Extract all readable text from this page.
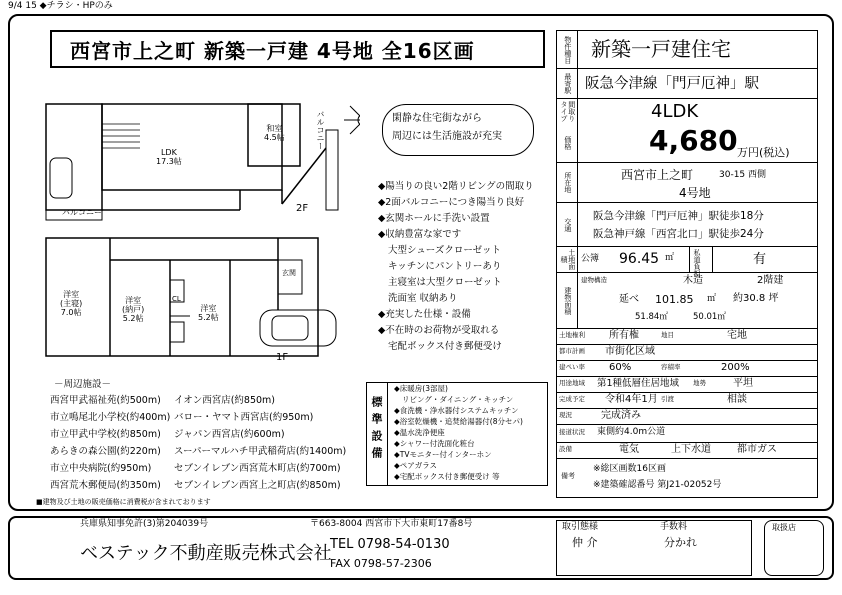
9/4 15 ◆チラシ・HPのみ
西宮市上之町 新築一戸建 4号地 全16区画
LDK
17.3帖
和室
4.5帖	バルコニー
バルコニー	2F
1F
洋室
(主寝)
7.0帖
洋室
(納戸)
5.2帖
洋室
5.2帖
CL
玄関
閑静な住宅街ながら
周辺には生活施設が充実
◆陽当りの良い2階リビングの間取り
◆2面バルコニーにつき陽当り良好
◆玄関ホールに手洗い設置
◆収納豊富な家です
大型シューズクローゼット
キッチンにパントリーあり
主寝室は大型クローゼット
洗面室 収納あり
◆充実した仕様・設備
◆不在時のお荷物が受取れる
宅配ボックス付き郵便受け
－周辺施設－
西宮甲武福祉苑(約500m)
市立鳴尾北小学校(約400m)
市立甲武中学校(約850m)
あらきの森公園(約220m)
市立中央病院(約950m)
西宮荒木郵便局(約350m)
イオン西宮店(約850m)
バロー・ヤマト西宮店(約950m)
ジャパン西宮店(約600m)
スーパーマルハチ甲武稲荷店(約1400m)
セブンイレブン西宮荒木町店(約700m)
セブンイレブン西宮上之町店(約850m)
標準設備
◆床暖房(3部屋)
リビング・ダイニング・キッチン
◆食洗機・浄水器付システムキッチン
◆浴室乾燥機・追焚給湯器付(8分セパ)
◆温水洗浄便座
◆シャワー付洗面化粧台
◆TVモニター付インターホン
◆ペアガラス
◆宅配ボックス付き郵便受け 等
■建物及び土地の販売価格に消費税が含まれております
物件種目 新築一戸建住宅
最寄駅 阪急今津線「門戸厄神」駅
間取りタイプ	4LDK
価格	4,680 万円(税込)
所在地	西宮市上之町	30-15 西側
4号地
交通
阪急今津線「門戸厄神」駅徒歩18分
阪急神戸線「西宮北口」駅徒歩24分
土地面積	公簿 96.45 ㎡	私道負担	有
建物面積
建物構造	木造	2階建
延べ 101.85 ㎡ 約30.8 坪
51.84㎡	50.01㎡
土地権利 所有権	地目	宅地
都市計画 市街化区域
建ぺい率 60%	容積率	200%
用途地域 第1種低層住居地域 地勢	平坦
完成予定 令和4年1月 引渡	相談
現況	完成済み
接道状況 東側約4.0m公道
設備	電気	上下水道	都市ガス
備考
※総区画数16区画
※建築確認番号 第J21-02052号
兵庫県知事免許(3)第204039号	〒663-8004 西宮市下大市東町17番8号
ベステック不動産販売株式会社
TEL 0798-54-0130
FAX 0798-57-2306
取引態様	手数料
仲 介	分かれ
取扱店
